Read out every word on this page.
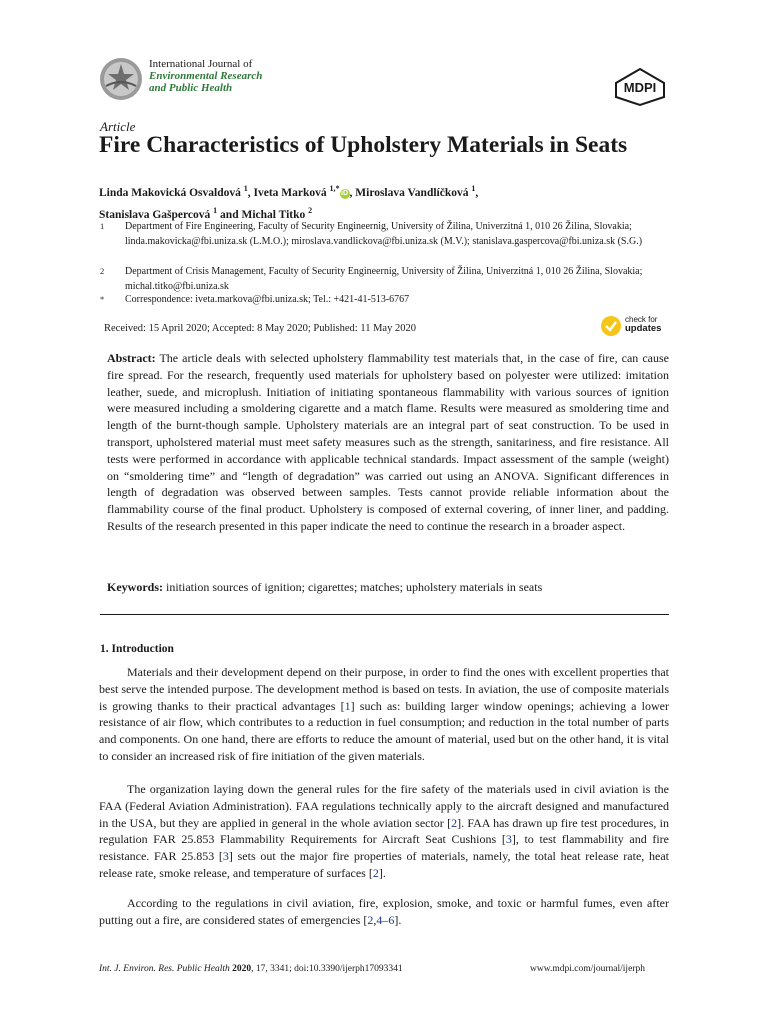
International Journal of
Environmental Research
and Public Health	MDPI
Article
Fire Characteristics of Upholstery Materials in Seats
Linda Makovická Osvaldová $^1$, Iveta Marková $^{1,*}$iD , Miroslava Vandlíčková $^1$,
Stanislava Gašpercová $^1$ and Michal Titko $^2$
1 Department of Fire Engineering, Faculty of Security Engineernig, University of Žilina, Univerzitná 1, 010 26 Žilina, Slovakia; linda.makovicka@fbi.uniza.sk (L.M.O.); miroslava.vandlickova@fbi.uniza.sk (M.V.); stanislava.gaspercova@fbi.uniza.sk (S.G.)
2 Department of Crisis Management, Faculty of Security Engineernig, University of Žilina, Univerzitná 1, 010 26 Žilina, Slovakia; michal.titko@fbi.uniza.sk
* Correspondence: iveta.markova@fbi.uniza.sk; Tel.: +421-41-513-6767
Received: 15 April 2020; Accepted: 8 May 2020; Published: 11 May 2020
check for
updates
Abstract: The article deals with selected upholstery flammability test materials that, in the case of fire, can cause fire spread. For the research, frequently used materials for upholstery based on polyester were utilized: imitation leather, suede, and microplush. Initiation of initiating spontaneous flammability with various sources of ignition were measured including a smoldering cigarette and a match flame. Results were measured as smoldering time and length of the burnt-though sample. Upholstery materials are an integral part of seat construction. To be used in transport, upholstered material must meet safety measures such as the strength, sanitariness, and fire resistance. All tests were performed in accordance with applicable technical standards. Impact assessment of the sample (weight) on “smoldering time” and “length of degradation” was carried out using an ANOVA. Significant differences in length of degradation was observed between samples. Tests cannot provide reliable information about the flammability course of the final product. Upholstery is composed of external covering, of inner liner, and padding. Results of the research presented in this paper indicate the need to continue the research in a broader aspect.
Keywords: initiation sources of ignition; cigarettes; matches; upholstery materials in seats
1. Introduction
Materials and their development depend on their purpose, in order to find the ones with excellent properties that best serve the intended purpose. The development method is based on tests. In aviation, the use of composite materials is growing thanks to their practical advantages [1] such as: building larger window openings; achieving a lower resistance of air flow, which contributes to a reduction in fuel consumption; and reduction in the total number of parts and components. On one hand, there are efforts to reduce the amount of material, used but on the other hand, it is vital to consider an increased risk of fire initiation of the given materials.
The organization laying down the general rules for the fire safety of the materials used in civil aviation is the FAA (Federal Aviation Administration). FAA regulations technically apply to the aircraft designed and manufactured in the USA, but they are applied in general in the whole aviation sector [2]. FAA has drawn up fire test procedures, in regulation FAR 25.853 Flammability Requirements for Aircraft Seat Cushions [3], to test flammability and fire resistance. FAR 25.853 [3] sets out the major fire properties of materials, namely, the total heat release rate, heat release rate, smoke release, and temperature of surfaces [2].
According to the regulations in civil aviation, fire, explosion, smoke, and toxic or harmful fumes, even after putting out a fire, are considered states of emergencies [2,4–6].
Int. J. Environ. Res. Public Health 2020, 17, 3341; doi:10.3390/ijerph17093341	www.mdpi.com/journal/ijerph
